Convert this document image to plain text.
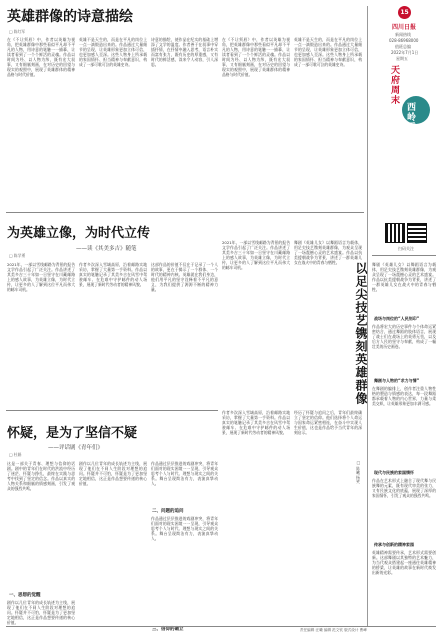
英雄群像的诗意描绘
□ 陈红军
在《不让须眉》中，作者以英雄为视角，把英雄群像中那些看似平凡却不平凡的人物，用诗意的笔触一一描摹，让读者看到了一个个鲜活的灵魂。作品以时间为经、以人物为纬，既有宏大叙事，又有细腻刻画，在对历史的回望与现实的观照中，展现了英雄群体的精神品格与时代价值。
英雄不是天生的，而是在平凡的岗位上一点一滴锻造出来的。作品通过大量细节的呈现，让英雄形象更加立体可信，也更加感人至深。这些人物身上所承载的家国情怀、担当精神与奉献意识，构成了一部可歌可泣的英雄史诗。
诗意的描绘，使作品在纪实的基础上增添了文学的温度。作者善于在叙事中穿插抒情，在抒情中融入思考，语言朴实而富有张力，既有历史的厚重感，又有时代的鲜活感，读来令人动容，引人深思。
在《不让须眉》中，作者以英雄为视角，把英雄群像中那些看似平凡却不平凡的人物，用诗意的笔触一一描摹，让读者看到了一个个鲜活的灵魂。作品以时间为经、以人物为纬，既有宏大叙事，又有细腻刻画，在对历史的回望与现实的观照中，展现了英雄群体的精神品格与时代价值。
英雄不是天生的，而是在平凡的岗位上一点一滴锻造出来的。作品通过大量细节的呈现，让英雄形象更加立体可信，也更加感人至深。这些人物身上所承载的家国情怀、担当精神与奉献意识，构成了一部可歌可泣的英雄史诗。
为英雄立像，为时代立传
——读《其美多吉》随笔
□ 陈学勇
2021年，一部以雪线邮路为背景的报告文学作品引起了广泛关注。作品讲述了其美多吉三十年如一日坚守在川藏邮路上的感人故事，为英雄立像，为时代立传，让更多的人了解到这位平凡而伟大的邮车司机。
作者多次深入雪域高原，沿着邮路实地采访，掌握了大量第一手资料。作品以真实的笔触记录了其美多吉在风雪中驾驶邮车、在危难中守护邮件的动人场景，展现了新时代劳动者的精神风貌。
这部作品的价值不仅在于记录了一个人的故事，更在于揭示了一个群体、一个时代的精神内核。英雄就在我们身边，他们用平凡的坚守诠释着不平凡的意义，为我们提供了源源不断的精神力量。
2021年，一部以雪线邮路为背景的报告文学作品引起了广泛关注。作品讲述了其美多吉三十年如一日坚守在川藏邮路上的感人故事，为英雄立像，为时代立传，让更多的人了解到这位平凡而伟大的邮车司机。
怀疑，是为了坚信不疑
——评话剧《青年们》
□ 杜娟
这是一部关于青春、理想与信仰的话剧。剧中的青年们在时代的洪流中经历了迷茫、怀疑与挣扎，最终在实践与思考中找到了坚定的信念。作品以真实的人物关系和细腻的情感刻画，引发了观众的强烈共鸣。
一、思想的觉醒
剧作以几位青年的成长轨迹为主线，展现了他们在不同人生阶段对理想的追问。怀疑并不可怕，怀疑是为了更加坚定地相信，这正是作品想要传递的核心价值。
剧作以几位青年的成长轨迹为主线，展现了他们在不同人生阶段对理想的追问。怀疑并不可怕，怀疑是为了更加坚定地相信，这正是作品想要传递的核心价值。
二、问题的追问
作品通过层层推进的戏剧冲突，将青年们面对的现实困境一一呈现，引导观众思考个人与时代、理想与现实之间的关系。舞台呈现简洁有力，表演真挚动人。
作品通过层层推进的戏剧冲突，将青年们面对的现实困境一一呈现，引导观众思考个人与时代、理想与现实之间的关系。舞台呈现简洁有力，表演真挚动人。
三、信仰的确立
作者多次深入雪域高原，沿着邮路实地采访，掌握了大量第一手资料。作品以真实的笔触记录了其美多吉在风雪中驾驶邮车、在危难中守护邮件的动人场景，展现了新时代劳动者的精神风貌。
舞剧《英雄儿女》以舞蹈语言为载体，用足尖技艺镌刻英雄群像，为观众呈现了一场震撼心灵的艺术盛宴。作品以抗美援朝战争为背景，讲述了一群英雄儿女在战火中的青春与牺牲。
经历了怀疑与追问之后，青年们最终确立了坚定的信仰。他们选择将个人命运与国家命运紧密相连，在奋斗中实现人生价值，这也是作品给予当代青年的深刻启示。
以足尖技艺镌刻英雄群像
□ 陈曦 杨笑
15
四川日报
新闻热线
028-86968000
值班总编
2022年7月1日
星期五
天府周末
西岭雪
扫码关注
舞剧《英雄儿女》以舞蹈语言为载体，用足尖技艺镌刻英雄群像，为观众呈现了一场震撼心灵的艺术盛宴。作品以抗美援朝战争为背景，讲述了一群英雄儿女在战火中的青春与牺牲。
战场与岗位的“人民刻印”
作品将宏大的历史事件与个体命运紧密结合，通过舞蹈的肢体语言，展现了战士们在战场上的英勇无畏，以及后方人民的坚守与奉献，构成了一幅壮美的历史画卷。
舞剧与人物的“求力与情”
在舞剧的编排上，创作者注重人物性格的塑造与情感的表达，每一段舞蹈都承载着人物的内心世界，力量与柔美交织，让英雄形象更加丰满可感。
现代与民族的家国情怀
作品在艺术形式上融合了现代舞与民族舞的元素，既有现代审美的张力，又有民族文化的底蕴，展现了深厚的家国情怀，引发了观众的强烈共鸣。
传承与创新的精神家园
英雄精神需要传承，艺术形式需要创新。这部舞剧以其独特的艺术魅力，为当代观众搭建起一座通往英雄精神的桥梁，让英雄的故事在新时代焕发出新的光彩。
责任编辑 汪曦 编辑 范文钦 版式设计 曹峰
